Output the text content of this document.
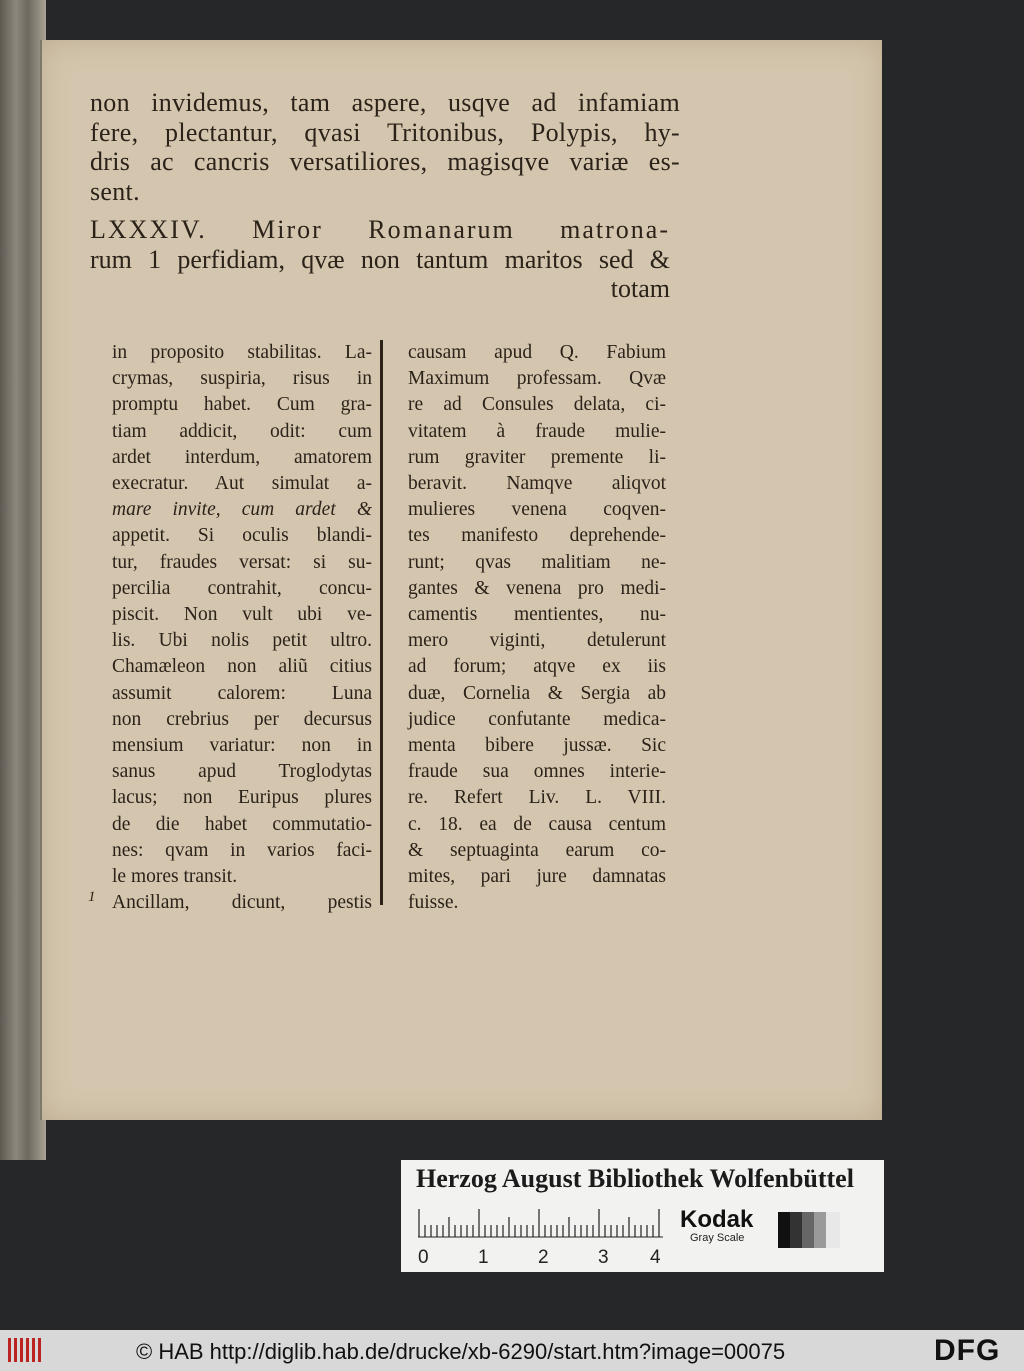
non invidemus, tam aspere, usqve ad infamiam
fere, plectantur, qvasi Tritonibus, Polypis, hy-
dris ac cancris versatiliores, magisqve variæ es-
sent.
LXXXIV. Miror Romanarum matrona-
rum 1 perfidiam, qvæ non tantum maritos sed &
totam
in proposito stabilitas. La-
crymas, suspiria, risus in
promptu habet. Cum gra-
tiam addicit, odit: cum
ardet interdum, amatorem
execratur. Aut simulat a-
mare invite, cum ardet &
appetit. Si oculis blandi-
tur, fraudes versat: si su-
percilia contrahit, concu-
piscit. Non vult ubi ve-
lis. Ubi nolis petit ultro.
Chamæleon non aliũ citius
assumit calorem: Luna
non crebrius per decursus
mensium variatur: non in
sanus apud Troglodytas
lacus; non Euripus plures
de die habet commutatio-
nes: qvam in varios faci-
le mores transit.
Ancillam, dicunt, pestis
1
causam apud Q. Fabium
Maximum professam. Qvæ
re ad Consules delata, ci-
vitatem à fraude mulie-
rum graviter premente li-
beravit. Namqve aliqvot
mulieres venena coqven-
tes manifesto deprehende-
runt; qvas malitiam ne-
gantes & venena pro medi-
camentis mentientes, nu-
mero viginti, detulerunt
ad forum; atqve ex iis
duæ, Cornelia & Sergia ab
judice confutante medica-
menta bibere jussæ. Sic
fraude sua omnes interie-
re. Refert Liv. L. VIII.
c. 18. ea de causa centum
& septuaginta earum co-
mites, pari jure damnatas
fuisse.
Herzog August Bibliothek Wolfenbüttel
0	1	2	3 4
Kodak
Gray Scale
© HAB http://diglib.hab.de/drucke/xb-6290/start.htm?image=00075	DFG
